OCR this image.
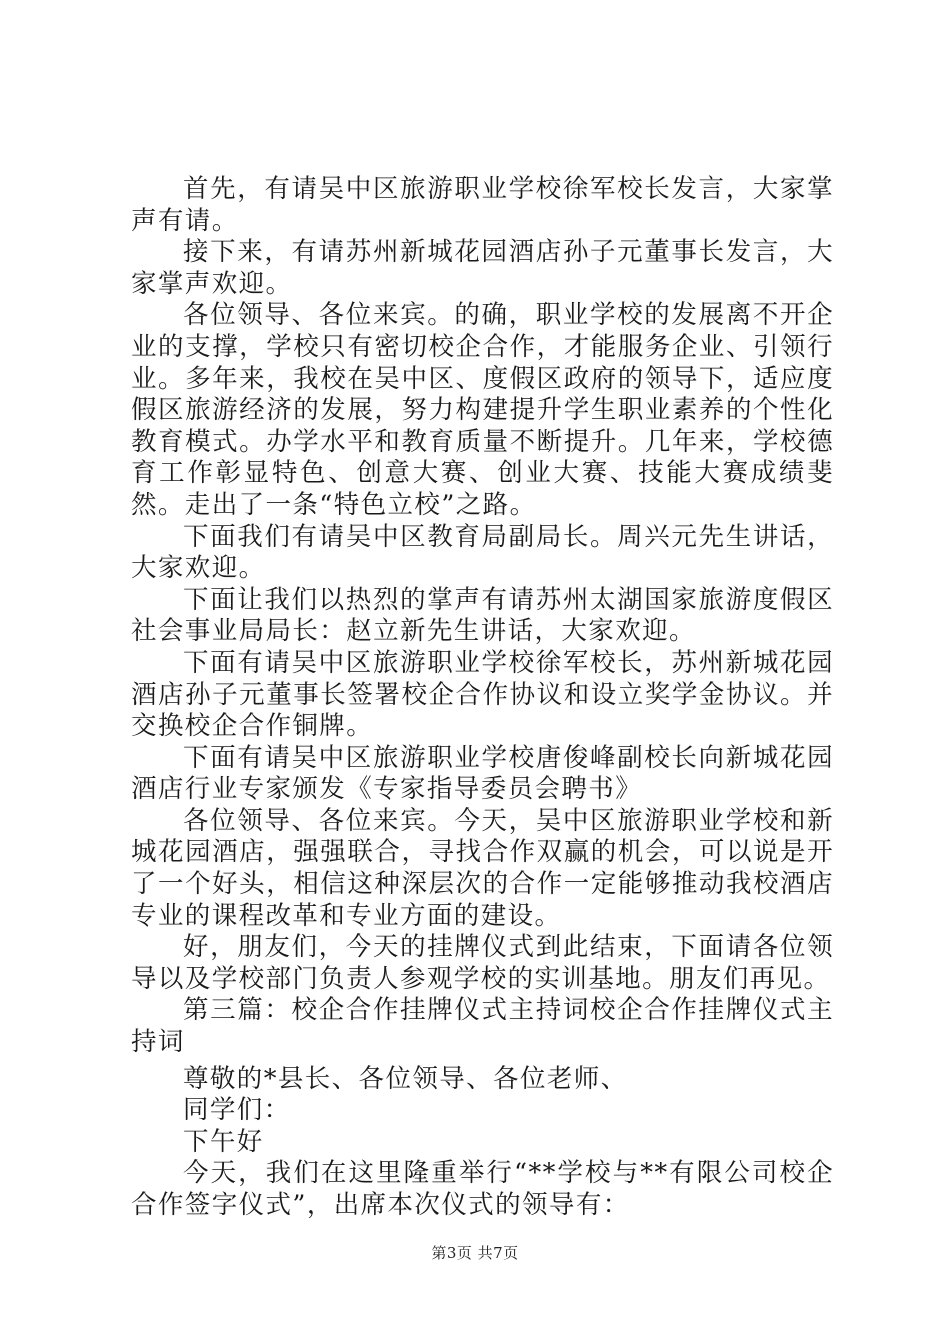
首先，有请吴中区旅游职业学校徐军校长发言，大家掌声有请。

接下来，有请苏州新城花园酒店孙子元董事长发言，大家掌声欢迎。

各位领导、各位来宾。的确，职业学校的发展离不开企业的支撑，学校只有密切校企合作，才能服务企业、引领行业。多年来，我校在吴中区、度假区政府的领导下，适应度假区旅游经济的发展，努力构建提升学生职业素养的个性化教育模式。办学水平和教育质量不断提升。几年来，学校德育工作彰显特色、创意大赛、创业大赛、技能大赛成绩斐然。走出了一条“特色立校”之路。

下面我们有请吴中区教育局副局长。周兴元先生讲话，大家欢迎。

下面让我们以热烈的掌声有请苏州太湖国家旅游度假区社会事业局局长：赵立新先生讲话，大家欢迎。

下面有请吴中区旅游职业学校徐军校长，苏州新城花园酒店孙子元董事长签署校企合作协议和设立奖学金协议。并交换校企合作铜牌。

下面有请吴中区旅游职业学校唐俊峰副校长向新城花园酒店行业专家颁发《专家指导委员会聘书》

各位领导、各位来宾。今天，吴中区旅游职业学校和新城花园酒店，强强联合，寻找合作双赢的机会，可以说是开了一个好头，相信这种深层次的合作一定能够推动我校酒店专业的课程改革和专业方面的建设。

好，朋友们，今天的挂牌仪式到此结束，下面请各位领导以及学校部门负责人参观学校的实训基地。朋友们再见。

第三篇：校企合作挂牌仪式主持词校企合作挂牌仪式主持词

尊敬的*县长、各位领导、各位老师、

同学们：

下午好

今天，我们在这里隆重举行“**学校与**有限公司校企合作签字仪式”，出席本次仪式的领导有：

第3页 共7页
